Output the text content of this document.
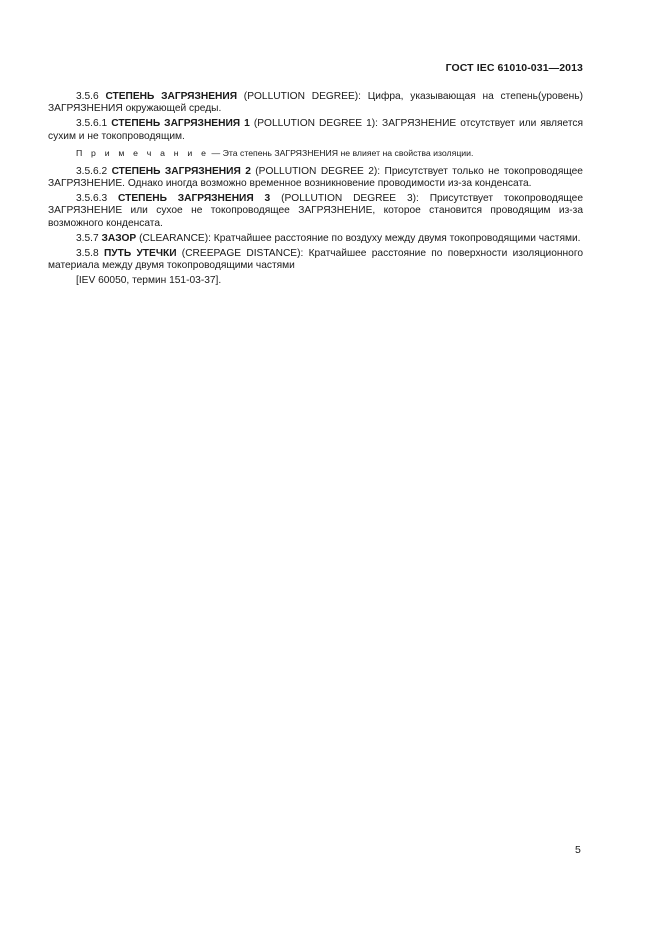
ГОСТ IEC 61010-031—2013

3.5.6 СТЕПЕНЬ ЗАГРЯЗНЕНИЯ (POLLUTION DEGREE): Цифра, указывающая на степень(уровень) ЗАГРЯЗНЕНИЯ окружающей среды.

3.5.6.1 СТЕПЕНЬ ЗАГРЯЗНЕНИЯ 1 (POLLUTION DEGREE 1): ЗАГРЯЗНЕНИЕ отсутствует или является сухим и не токопроводящим.

П р и м е ч а н и е — Эта степень ЗАГРЯЗНЕНИЯ не влияет на свойства изоляции.

3.5.6.2 СТЕПЕНЬ ЗАГРЯЗНЕНИЯ 2 (POLLUTION DEGREE 2): Присутствует только не токопроводящее ЗАГРЯЗНЕНИЕ. Однако иногда возможно временное возникновение проводимости из-за конденсата.

3.5.6.3 СТЕПЕНЬ ЗАГРЯЗНЕНИЯ 3 (POLLUTION DEGREE 3): Присутствует токопроводящее ЗАГРЯЗНЕНИЕ или сухое не токопроводящее ЗАГРЯЗНЕНИЕ, которое становится проводящим из-за возможного конденсата.

3.5.7 ЗАЗОР (CLEARANCE): Кратчайшее расстояние по воздуху между двумя токопроводящими частями.

3.5.8 ПУТЬ УТЕЧКИ (CREEPAGE DISTANCE): Кратчайшее расстояние по поверхности изоляционного материала между двумя токопроводящими частями

[IEV 60050, термин 151-03-37].

5
